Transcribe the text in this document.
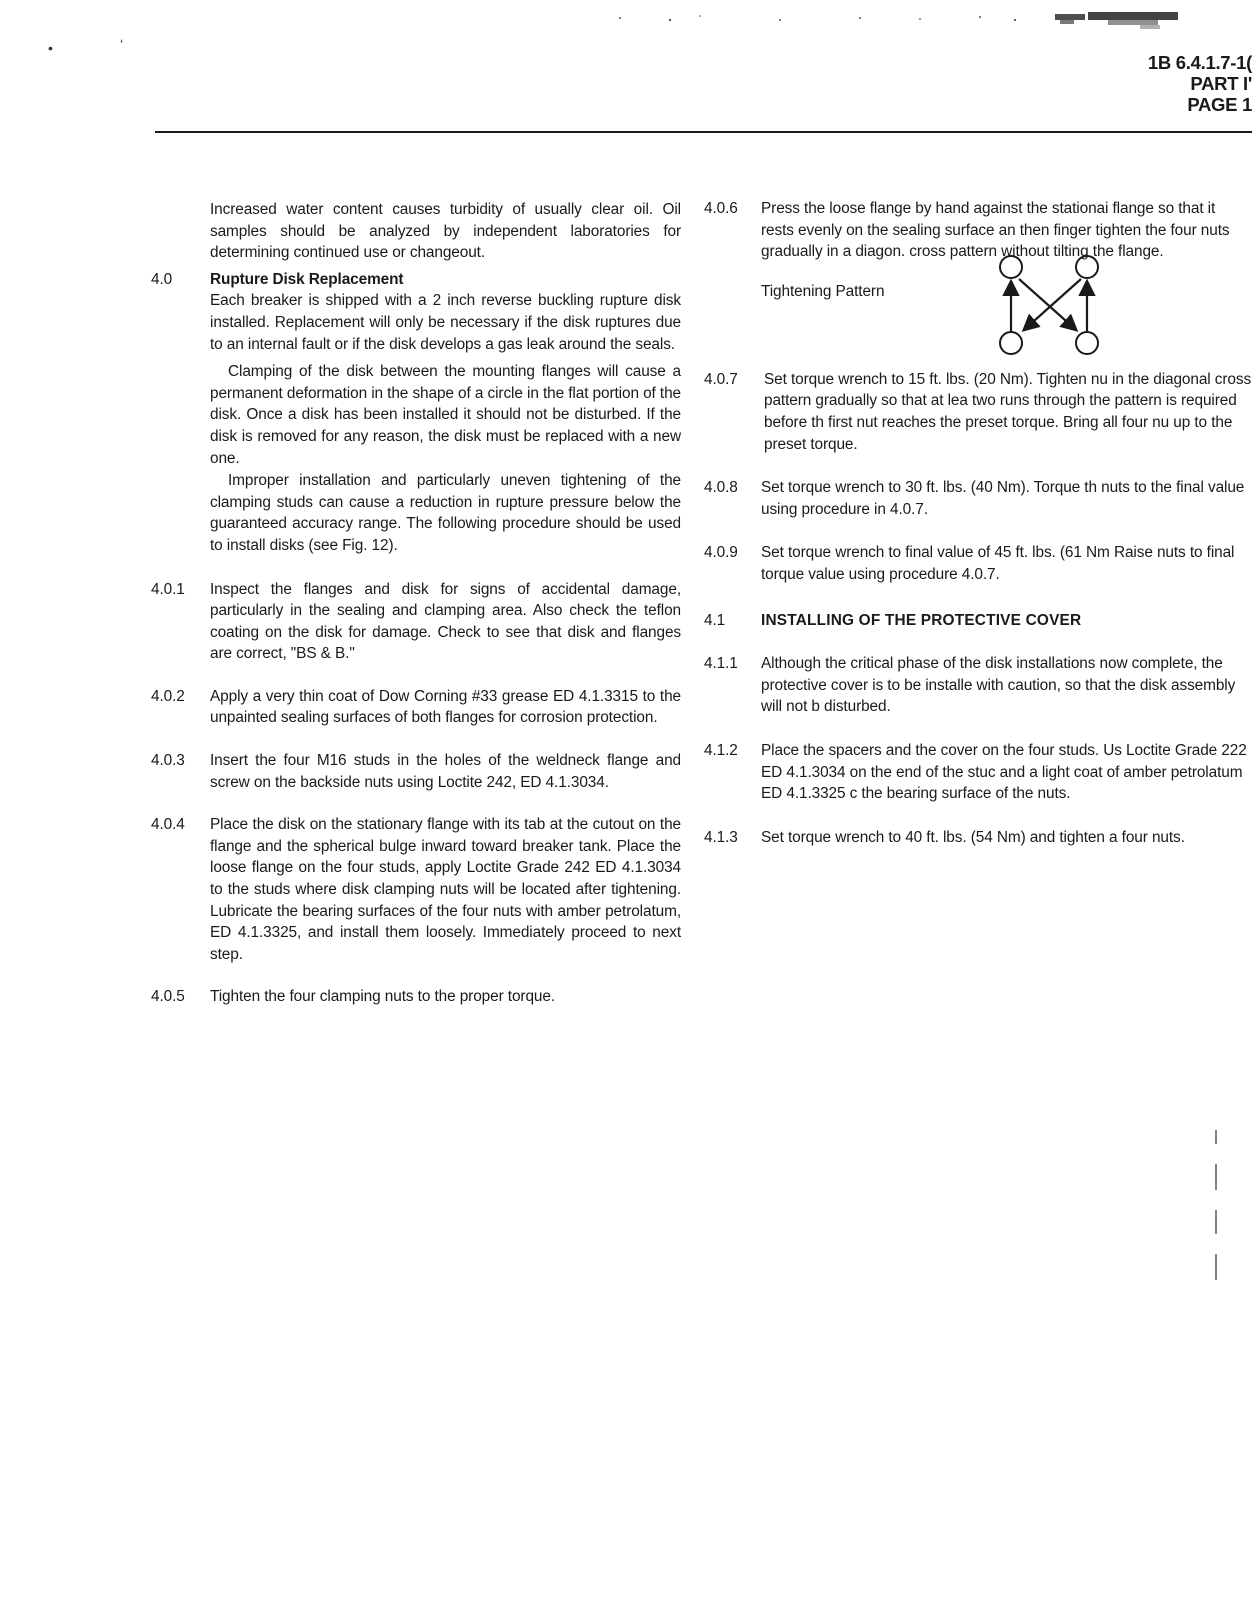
•	‘
1B 6.4.1.7-1(
PART I'
PAGE 1
Increased water content causes turbidity of usually clear oil. Oil samples should be analyzed by independent laboratories for determining continued use or changeout.
4.0 Rupture Disk Replacement

Each breaker is shipped with a 2 inch reverse buckling rupture disk installed. Replacement will only be necessary if the disk ruptures due to an internal fault or if the disk develops a gas leak around the seals.

Clamping of the disk between the mounting flanges will cause a permanent deformation in the shape of a circle in the flat portion of the disk. Once a disk has been installed it should not be disturbed. If the disk is removed for any reason, the disk must be replaced with a new one.

Improper installation and particularly uneven tightening of the clamping studs can cause a reduction in rupture pressure below the guaranteed accuracy range. The following procedure should be used to install disks (see Fig. 12).

4.0.1 Inspect the flanges and disk for signs of accidental damage, particularly in the sealing and clamping area. Also check the teflon coating on the disk for damage. Check to see that disk and flanges are correct, "BS & B."
4.0.2 Apply a very thin coat of Dow Corning #33 grease ED 4.1.3315 to the unpainted sealing surfaces of both flanges for corrosion protection.
4.0.3 Insert the four M16 studs in the holes of the weldneck flange and screw on the backside nuts using Loctite 242, ED 4.1.3034.
4.0.4 Place the disk on the stationary flange with its tab at the cutout on the flange and the spherical bulge inward toward breaker tank. Place the loose flange on the four studs, apply Loctite Grade 242 ED 4.1.3034 to the studs where disk clamping nuts will be located after tightening. Lubricate the bearing surfaces of the four nuts with amber petrolatum, ED 4.1.3325, and install them loosely. Immediately proceed to next step.
4.0.5 Tighten the four clamping nuts to the proper torque.
4.0.6 Press the loose flange by hand against the stationai flange so that it rests evenly on the sealing surface an then finger tighten the four nuts gradually in a diagon. cross pattern without tilting the flange.
Tightening Pattern
4.0.7 Set torque wrench to 15 ft. lbs. (20 Nm). Tighten nu in the diagonal cross pattern gradually so that at lea two runs through the pattern is required before th first nut reaches the preset torque. Bring all four nu up to the preset torque.
4.0.8 Set torque wrench to 30 ft. lbs. (40 Nm). Torque th nuts to the final value using procedure in 4.0.7.
4.0.9 Set torque wrench to final value of 45 ft. lbs. (61 Nm Raise nuts to final torque value using procedure 4.0.7.
4.1 INSTALLING OF THE PROTECTIVE COVER
4.1.1 Although the critical phase of the disk installations now complete, the protective cover is to be installe with caution, so that the disk assembly will not b disturbed.
4.1.2 Place the spacers and the cover on the four studs. Us Loctite Grade 222 ED 4.1.3034 on the end of the stuc and a light coat of amber petrolatum ED 4.1.3325 c the bearing surface of the nuts.
4.1.3 Set torque wrench to 40 ft. lbs. (54 Nm) and tighten a four nuts.
